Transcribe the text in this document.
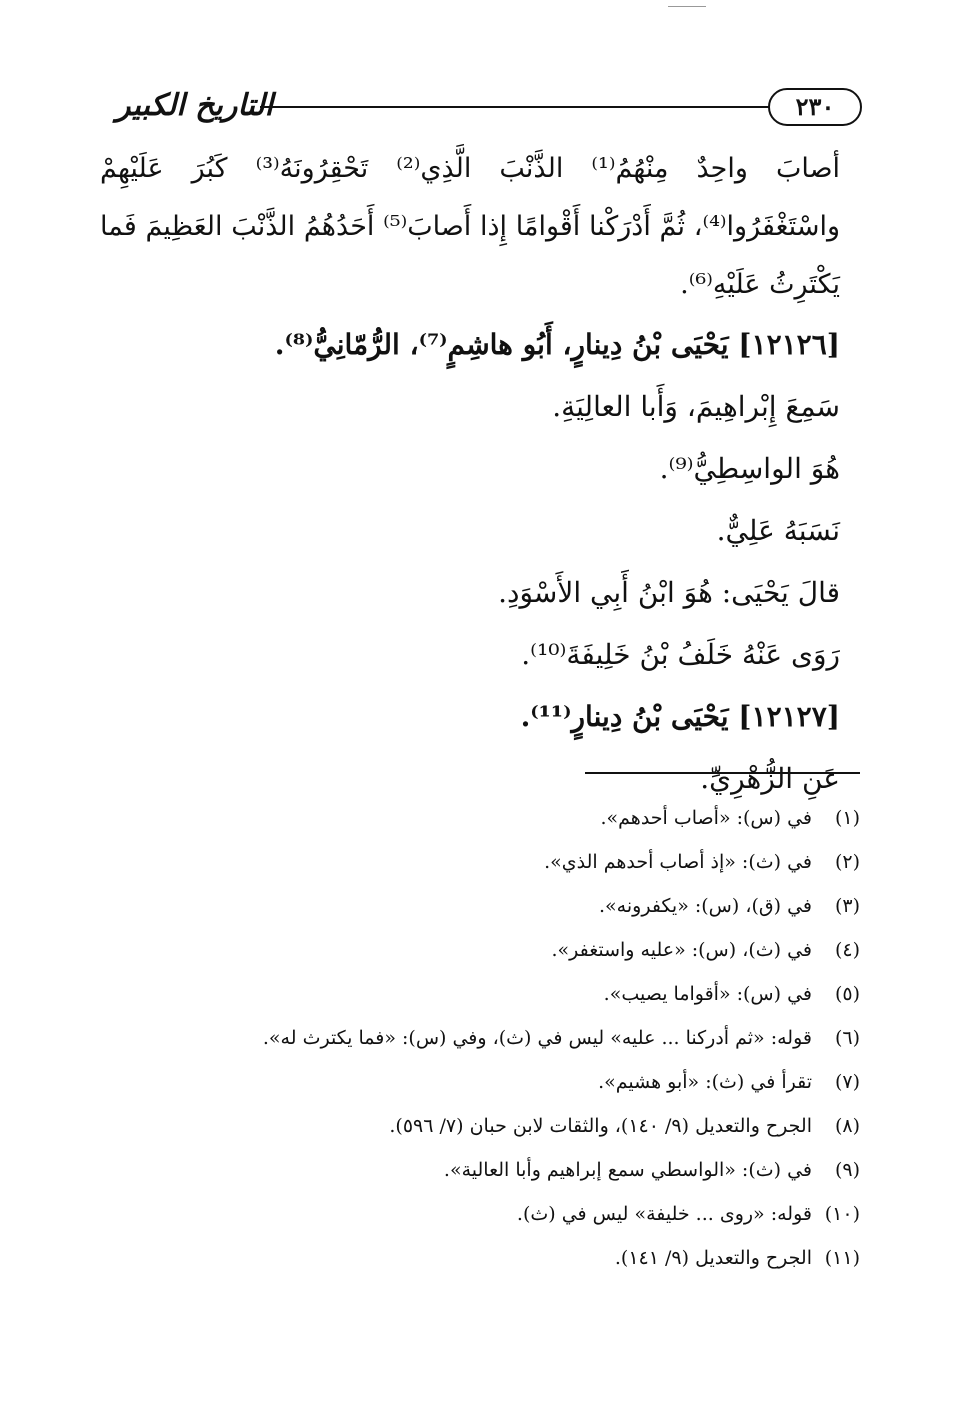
التاريخ الكبير	٢٣٠

أصابَ واحِدٌ مِنْهُمُ⁽¹⁾ الذَّنْبَ الَّذِي⁽²⁾ تَحْقِرُونَهُ⁽³⁾ كَبُرَ عَلَيْهِمْ واسْتَغْفَرُوا⁽⁴⁾، ثُمَّ أَدْرَكْنا أَقْوامًا إِذا أَصابَ⁽⁵⁾ أَحَدُهُمُ الذَّنْبَ العَظِيمَ فَما يَكْتَرِثُ عَلَيْهِ⁽⁶⁾.

[١٢١٢٦] يَحْيَى بْنُ دِينارٍ، أَبُو هاشِمٍ⁽⁷⁾، الرُّمّانِيُّ⁽⁸⁾.

سَمِعَ إِبْراهِيمَ، وَأَبا العالِيَةِ.

هُوَ الواسِطِيُّ⁽⁹⁾.

نَسَبَهُ عَلِيٌّ.

قالَ يَحْيَى: هُوَ ابْنُ أَبِي الأَسْوَدِ.

رَوَى عَنْهُ خَلَفُ بْنُ خَلِيفَةَ⁽¹⁰⁾.

[١٢١٢٧] يَحْيَى بْنُ دِينارٍ⁽¹¹⁾.

عَنِ الزُّهْرِيِّ.

(١)في (س): «أصاب أحدهم».

(٢)في (ث): «إذ أصاب أحدهم الذي».

(٣)في (ق)، (س): «يكفرونه».

(٤)في (ث)، (س): «عليه واستغفر».

(٥)في (س): «أقواما يصيب».

(٦)قوله: «ثم أدركنا ... عليه» ليس في (ث)، وفي (س): «فما يكترث له».

(٧)تقرأ في (ث): «أبو هشيم».

(٨)الجرح والتعديل (٩/ ١٤٠)، والثقات لابن حبان (٧/ ٥٩٦).

(٩)في (ث): «الواسطي سمع إبراهيم وأبا العالية».

(١٠)قوله: «روى ... خليفة» ليس في (ث).

(١١)الجرح والتعديل (٩/ ١٤١).
